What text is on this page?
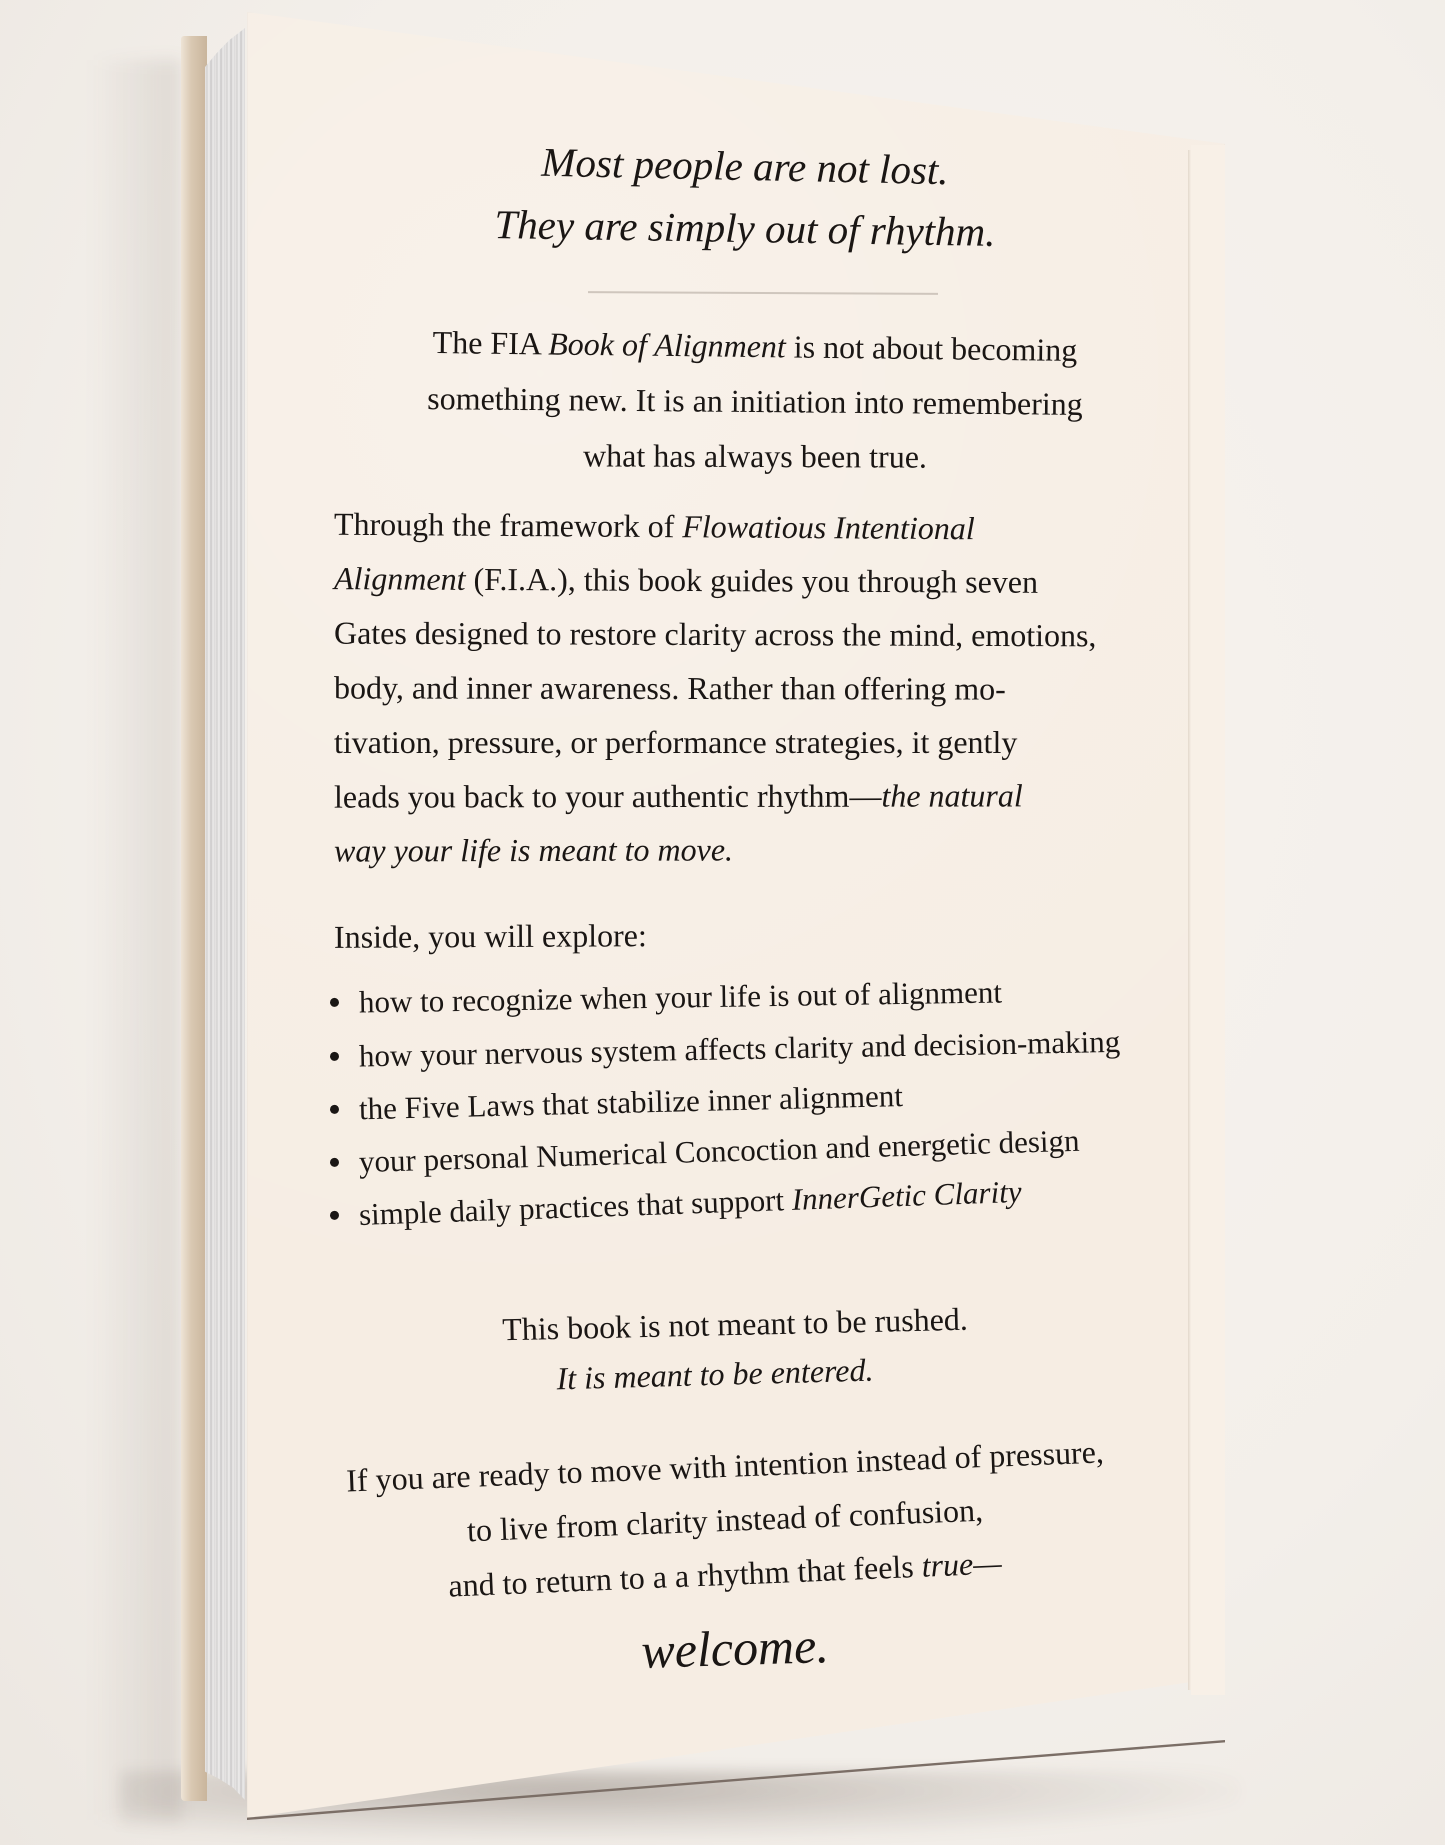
Most people are not lost.
They are simply out of rhythm.
The FIA Book of Alignment is not about becoming
something new. It is an initiation into remembering
what has always been true.
Through the framework of Flowatious Intentional
Alignment (F.I.A.), this book guides you through seven
Gates designed to restore clarity across the mind, emotions,
body, and inner awareness. Rather than offering mo-
tivation, pressure, or performance strategies, it gently
leads you back to your authentic rhythm—the natural
way your life is meant to move.
Inside, you will explore:
how to recognize when your life is out of alignment
how your nervous system affects clarity and decision-making
the Five Laws that stabilize inner alignment
your personal Numerical Concoction and energetic design
simple daily practices that support InnerGetic Clarity
This book is not meant to be rushed.
It is meant to be entered.
If you are ready to move with intention instead of pressure,
to live from clarity instead of confusion,
and to return to a a rhythm that feels true—
welcome.
